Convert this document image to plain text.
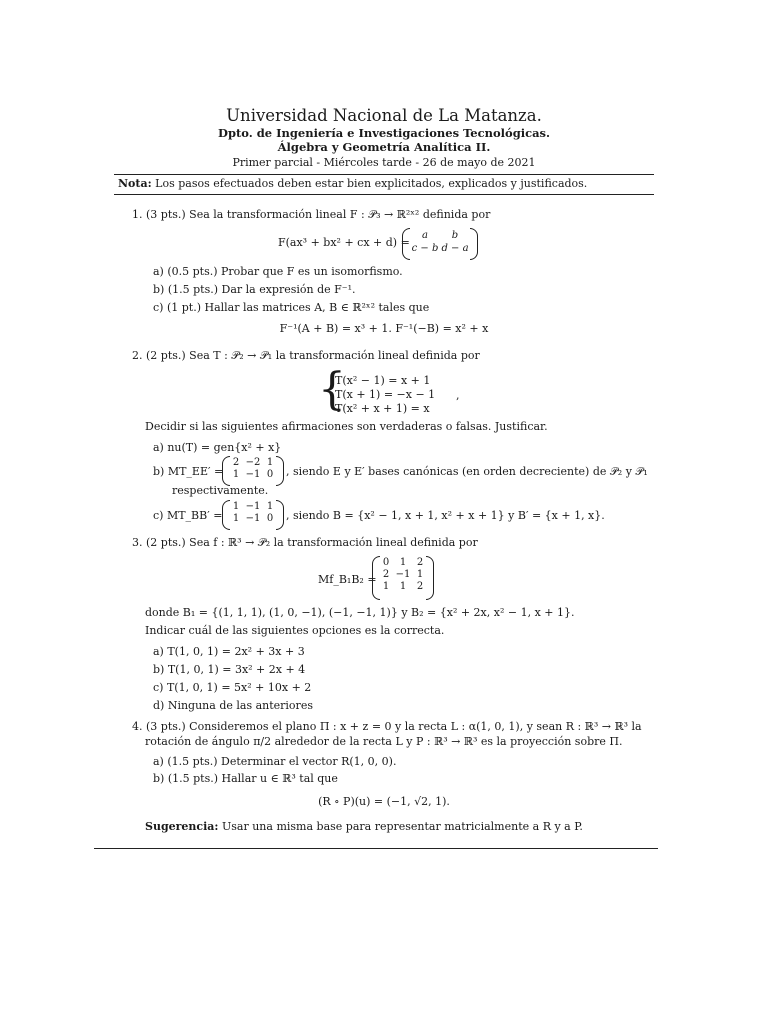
Universidad Nacional de La Matanza.
Dpto. de Ingeniería e Investigaciones Tecnológicas.
Álgebra y Geometría Analítica II.
Primer parcial - Miércoles tarde - 26 de mayo de 2021
Nota: Los pasos efectuados deben estar bien explicitados, explicados y justificados.
1. (3 pts.) Sea la transformación lineal F : 𝒫₃ → ℝ²ˣ² definida por
F(ax³ + bx² + cx + d) =
a	b
c − b d − a
a) (0.5 pts.) Probar que F es un isomorfismo.
b) (1.5 pts.) Dar la expresión de F⁻¹.
c) (1 pt.) Hallar las matrices A, B ∈ ℝ²ˣ² tales que
F⁻¹(A + B) = x³ + 1. F⁻¹(−B) = x² + x
2. (2 pts.) Sea T : 𝒫₂ → 𝒫₁ la transformación lineal definida por
{
T(x² − 1) = x + 1
T(x + 1) = −x − 1
T(x² + x + 1) = x
,
Decidir si las siguientes afirmaciones son verdaderas o falsas. Justificar.
a) nu(T) = gen{x² + x}
b) MT_EE′ =
2 −2 1
1 −1 0	, siendo E y E′ bases canónicas (en orden decreciente) de 𝒫₂ y 𝒫₁
respectivamente.
c) MT_BB′ =
1 −1 1
1 −1 0	, siendo B = {x² − 1, x + 1, x² + x + 1} y B′ = {x + 1, x}.
3. (2 pts.) Sea f : ℝ³ → 𝒫₂ la transformación lineal definida por
Mf_B₁B₂ =
0	1	2
2 −1 1
1	1	2
donde B₁ = {(1, 1, 1), (1, 0, −1), (−1, −1, 1)} y B₂ = {x² + 2x, x² − 1, x + 1}.
Indicar cuál de las siguientes opciones es la correcta.
a) T(1, 0, 1) = 2x² + 3x + 3
b) T(1, 0, 1) = 3x² + 2x + 4
c) T(1, 0, 1) = 5x² + 10x + 2
d) Ninguna de las anteriores
4. (3 pts.) Consideremos el plano Π : x + z = 0 y la recta L : α(1, 0, 1), y sean R : ℝ³ → ℝ³ la
rotación de ángulo π/2 alrededor de la recta L y P : ℝ³ → ℝ³ es la proyección sobre Π.
a) (1.5 pts.) Determinar el vector R(1, 0, 0).
b) (1.5 pts.) Hallar u ∈ ℝ³ tal que
(R ∘ P)(u) = (−1, √2, 1).
Sugerencia: Usar una misma base para representar matricialmente a R y a P.
